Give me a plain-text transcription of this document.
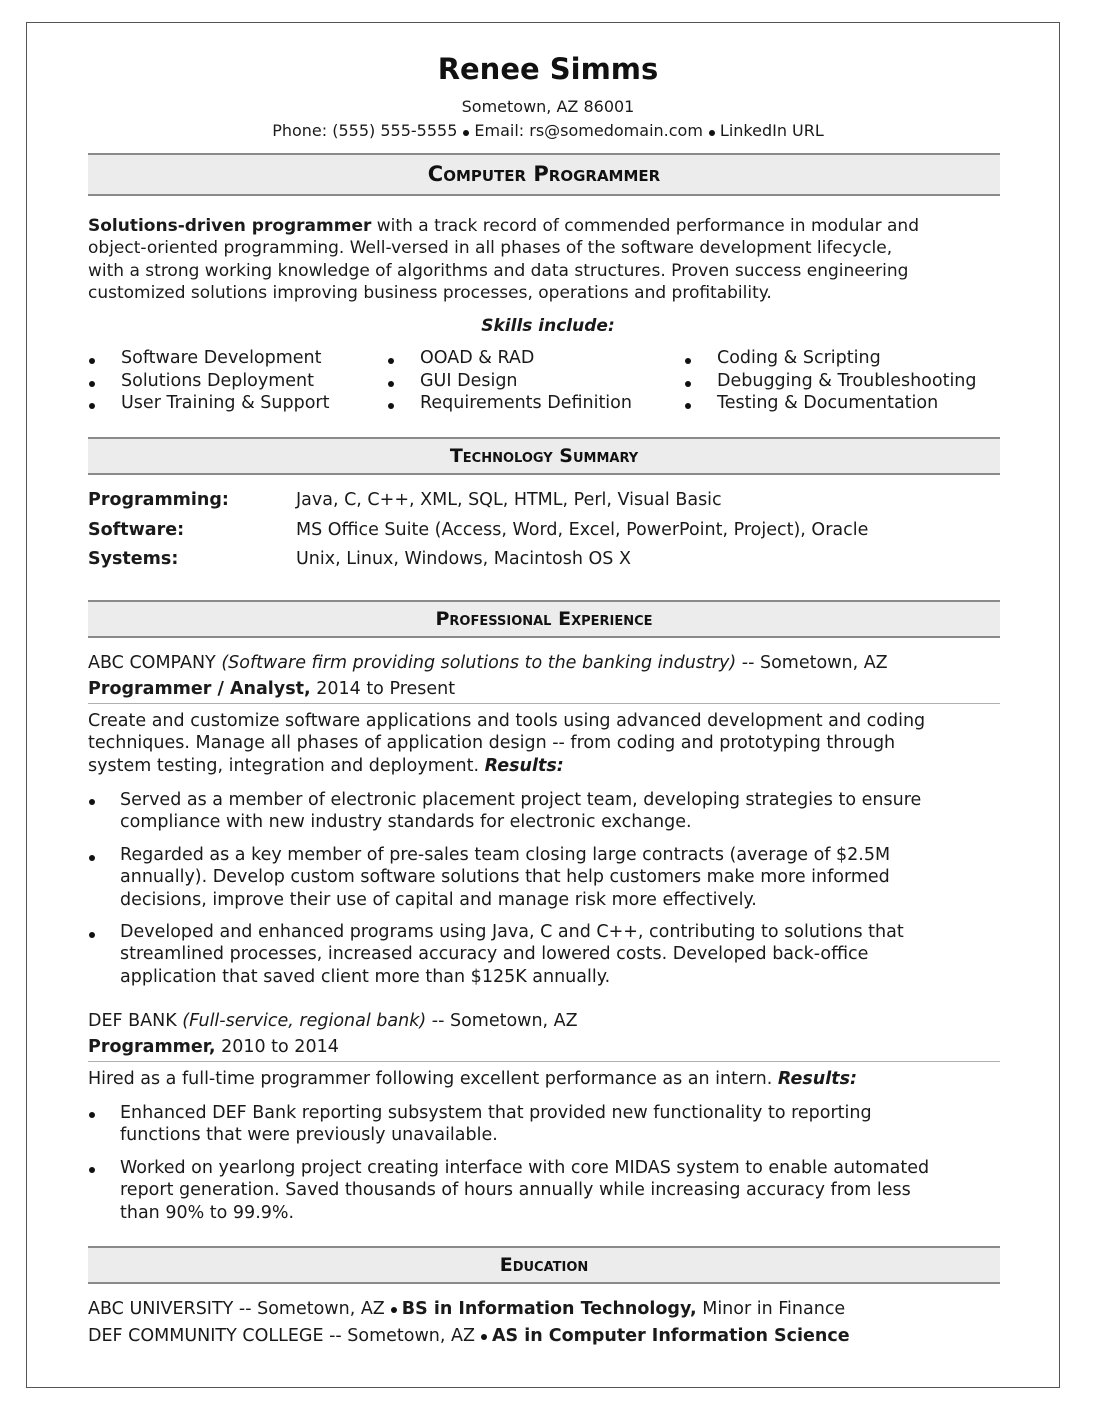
Renee Simms
Sometown, AZ 86001
Phone: (555) 555-5555 Email: rs@somedomain.com LinkedIn URL
Computer Programmer
Solutions-driven programmer with a track record of commended performance in modular and
object-oriented programming. Well-versed in all phases of the software development lifecycle,
with a strong working knowledge of algorithms and data structures. Proven success engineering
customized solutions improving business processes, operations and profitability.
Skills include:
Software Development
Solutions Deployment
User Training & Support
OOAD & RAD
GUI Design
Requirements Definition
Coding & Scripting
Debugging & Troubleshooting
Testing & Documentation
Technology Summary
Programming:	Java, C, C++, XML, SQL, HTML, Perl, Visual Basic
Software:	MS Office Suite (Access, Word, Excel, PowerPoint, Project), Oracle
Systems:	Unix, Linux, Windows, Macintosh OS X
Professional Experience
ABC COMPANY (Software firm providing solutions to the banking industry) -- Sometown, AZ
Programmer / Analyst, 2014 to Present
Create and customize software applications and tools using advanced development and coding
techniques. Manage all phases of application design -- from coding and prototyping through
system testing, integration and deployment. Results:
Served as a member of electronic placement project team, developing strategies to ensure
compliance with new industry standards for electronic exchange.
Regarded as a key member of pre-sales team closing large contracts (average of $2.5M
annually). Develop custom software solutions that help customers make more informed
decisions, improve their use of capital and manage risk more effectively.
Developed and enhanced programs using Java, C and C++, contributing to solutions that
streamlined processes, increased accuracy and lowered costs. Developed back-office
application that saved client more than $125K annually.
DEF BANK (Full-service, regional bank) -- Sometown, AZ
Programmer, 2010 to 2014
Hired as a full-time programmer following excellent performance as an intern. Results:
Enhanced DEF Bank reporting subsystem that provided new functionality to reporting
functions that were previously unavailable.
Worked on yearlong project creating interface with core MIDAS system to enable automated
report generation. Saved thousands of hours annually while increasing accuracy from less
than 90% to 99.9%.
Education
ABC UNIVERSITY -- Sometown, AZ BS in Information Technology, Minor in Finance
DEF COMMUNITY COLLEGE -- Sometown, AZ AS in Computer Information Science
